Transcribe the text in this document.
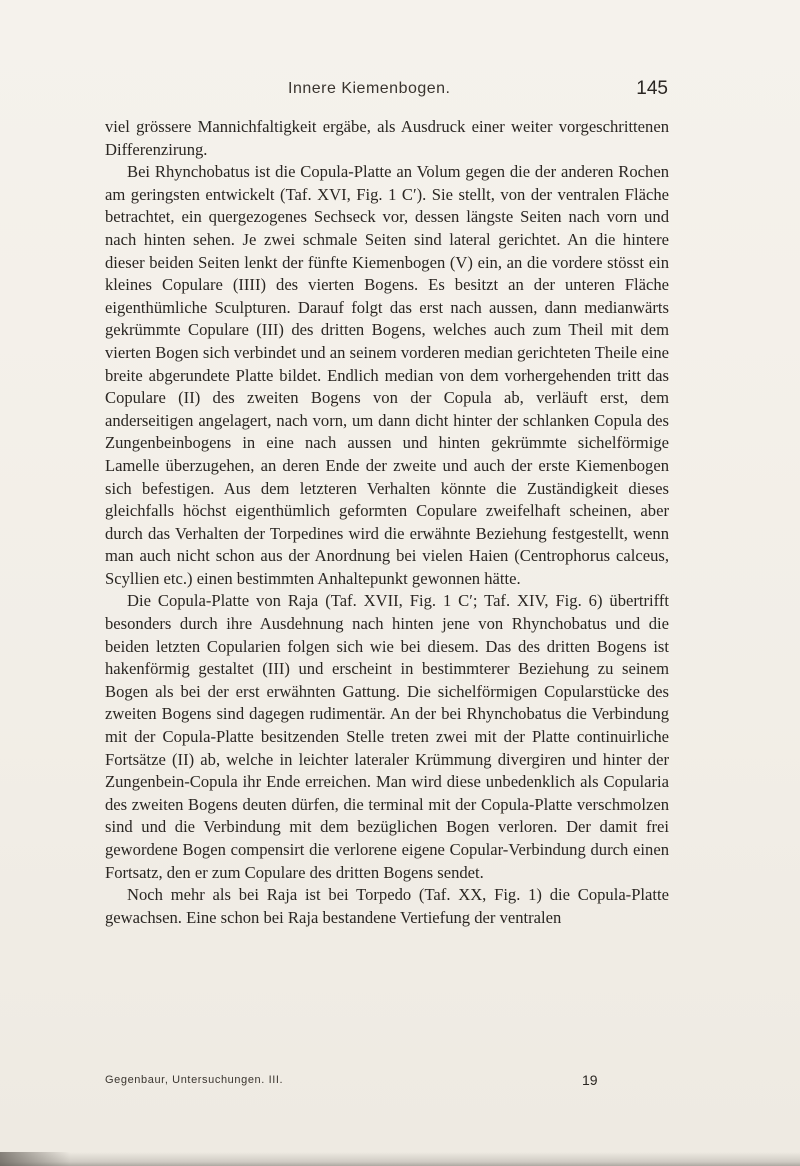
Innere Kiemenbogen.	145

viel grössere Mannichfaltigkeit ergäbe, als Ausdruck einer weiter vorgeschrittenen Differenzirung.

Bei Rhynchobatus ist die Copula-Platte an Volum gegen die der anderen Rochen am geringsten entwickelt (Taf. XVI, Fig. 1 C′). Sie stellt, von der ventralen Fläche betrachtet, ein quergezogenes Sechseck vor, dessen längste Seiten nach vorn und nach hinten sehen. Je zwei schmale Seiten sind lateral gerichtet. An die hintere dieser beiden Seiten lenkt der fünfte Kiemenbogen (V) ein, an die vordere stösst ein kleines Copulare (IIII) des vierten Bogens. Es besitzt an der unteren Fläche eigenthümliche Sculpturen. Darauf folgt das erst nach aussen, dann medianwärts gekrümmte Copulare (III) des dritten Bogens, welches auch zum Theil mit dem vierten Bogen sich verbindet und an seinem vorderen median gerichteten Theile eine breite abgerundete Platte bildet. Endlich median von dem vorhergehenden tritt das Copulare (II) des zweiten Bogens von der Copula ab, verläuft erst, dem anderseitigen angelagert, nach vorn, um dann dicht hinter der schlanken Copula des Zungenbeinbogens in eine nach aussen und hinten gekrümmte sichelförmige Lamelle überzugehen, an deren Ende der zweite und auch der erste Kiemenbogen sich befestigen. Aus dem letzteren Verhalten könnte die Zuständigkeit dieses gleichfalls höchst eigenthümlich geformten Copulare zweifelhaft scheinen, aber durch das Verhalten der Torpedines wird die erwähnte Beziehung festgestellt, wenn man auch nicht schon aus der Anordnung bei vielen Haien (Centrophorus calceus, Scyllien etc.) einen bestimmten Anhaltepunkt gewonnen hätte.

Die Copula-Platte von Raja (Taf. XVII, Fig. 1 C′; Taf. XIV, Fig. 6) übertrifft besonders durch ihre Ausdehnung nach hinten jene von Rhynchobatus und die beiden letzten Copularien folgen sich wie bei diesem. Das des dritten Bogens ist hakenförmig gestaltet (III) und erscheint in bestimmterer Beziehung zu seinem Bogen als bei der erst erwähnten Gattung. Die sichelförmigen Copularstücke des zweiten Bogens sind dagegen rudimentär. An der bei Rhynchobatus die Verbindung mit der Copula-Platte besitzenden Stelle treten zwei mit der Platte continuirliche Fortsätze (II) ab, welche in leichter lateraler Krümmung divergiren und hinter der Zungenbein-Copula ihr Ende erreichen. Man wird diese unbedenklich als Copularia des zweiten Bogens deuten dürfen, die terminal mit der Copula-Platte verschmolzen sind und die Verbindung mit dem bezüglichen Bogen verloren. Der damit frei gewordene Bogen compensirt die verlorene eigene Copular-Verbindung durch einen Fortsatz, den er zum Copulare des dritten Bogens sendet.

Noch mehr als bei Raja ist bei Torpedo (Taf. XX, Fig. 1) die Copula-Platte gewachsen. Eine schon bei Raja bestandene Vertiefung der ventralen

Gegenbaur, Untersuchungen. III.	19
